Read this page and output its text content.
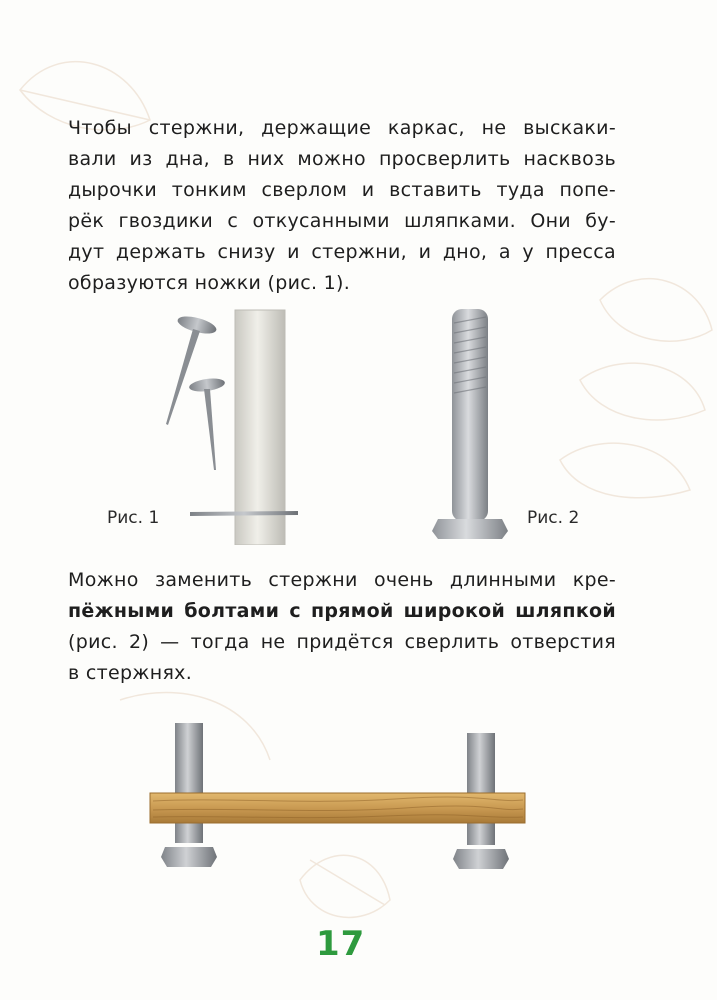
Чтобы стержни, держащие каркас, не выскаки-
вали из дна, в них можно просверлить насквозь
дырочки тонким сверлом и вставить туда попе-
рёк гвоздики с откусанными шляпками. Они бу-
дут держать снизу и стержни, и дно, а у пресса
образуются ножки (рис. 1).

Рис. 1	Рис. 2

Можно заменить стержни очень длинными кре-
пёжными болтами с прямой широкой шляпкой
(рис. 2) — тогда не придётся сверлить отверстия
в стержнях.

17
